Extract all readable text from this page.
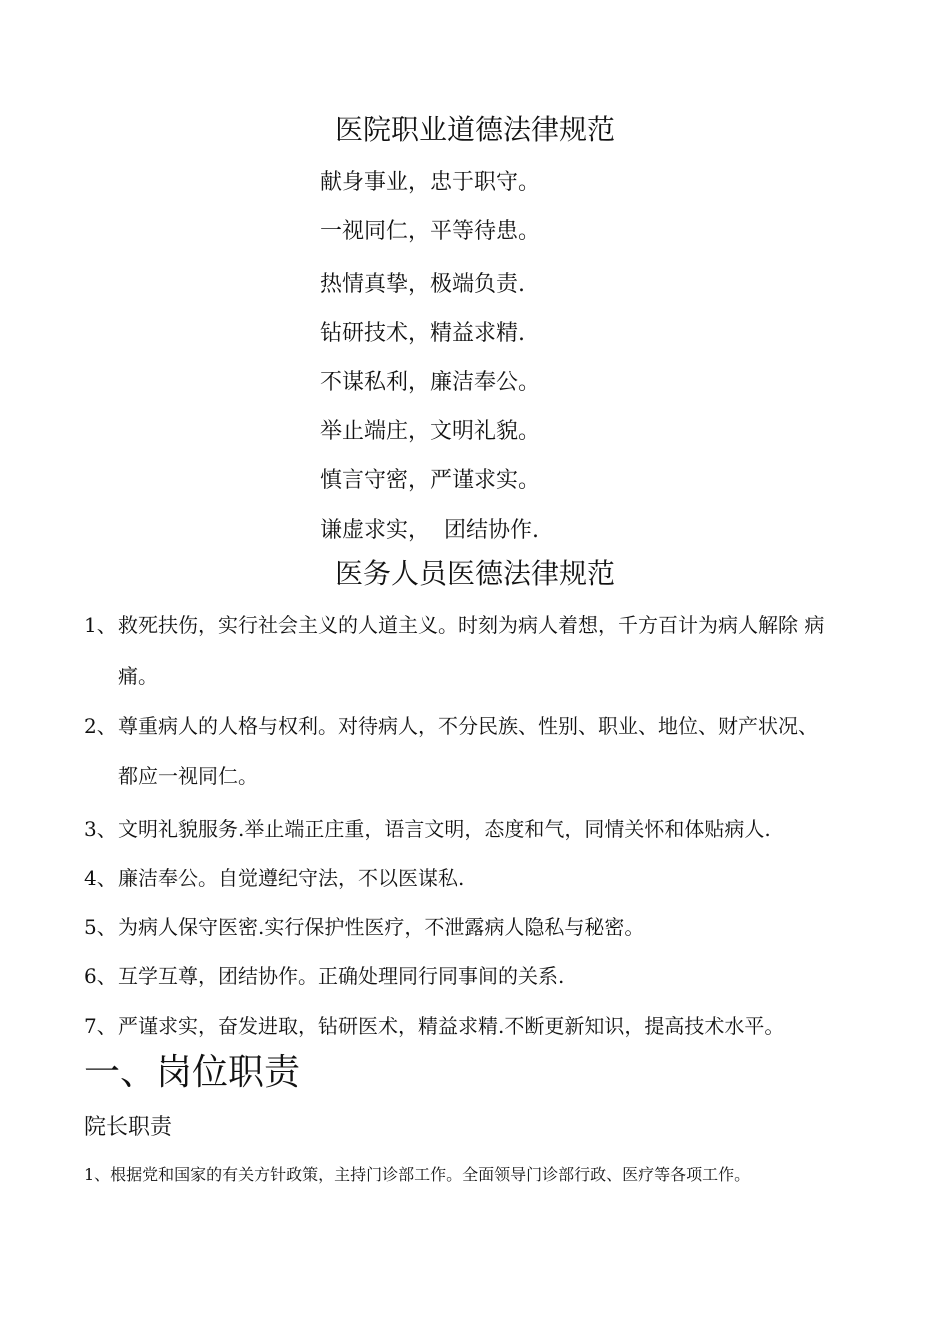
医院职业道德法律规范
献身事业，忠于职守。
一视同仁，平等待患。
热情真挚，极端负责.
钻研技术，精益求精.
不谋私利，廉洁奉公。
举止端庄，文明礼貌。
慎言守密，严谨求实。
谦虚求实，  团结协作.
医务人员医德法律规范
1、救死扶伤，实行社会主义的人道主义。时刻为病人着想，千方百计为病人解除 病
痛。
2、尊重病人的人格与权利。对待病人，不分民族、性别、职业、地位、财产状况、
都应一视同仁。
3、文明礼貌服务.举止端正庄重，语言文明，态度和气，同情关怀和体贴病人.
4、廉洁奉公。自觉遵纪守法，不以医谋私.
5、为病人保守医密.实行保护性医疗，不泄露病人隐私与秘密。
6、互学互尊，团结协作。正确处理同行同事间的关系.
7、严谨求实，奋发进取，钻研医术，精益求精.不断更新知识，提高技术水平。
一、岗位职责
院长职责
1、根据党和国家的有关方针政策，主持门诊部工作。全面领导门诊部行政、医疗等各项工作。
